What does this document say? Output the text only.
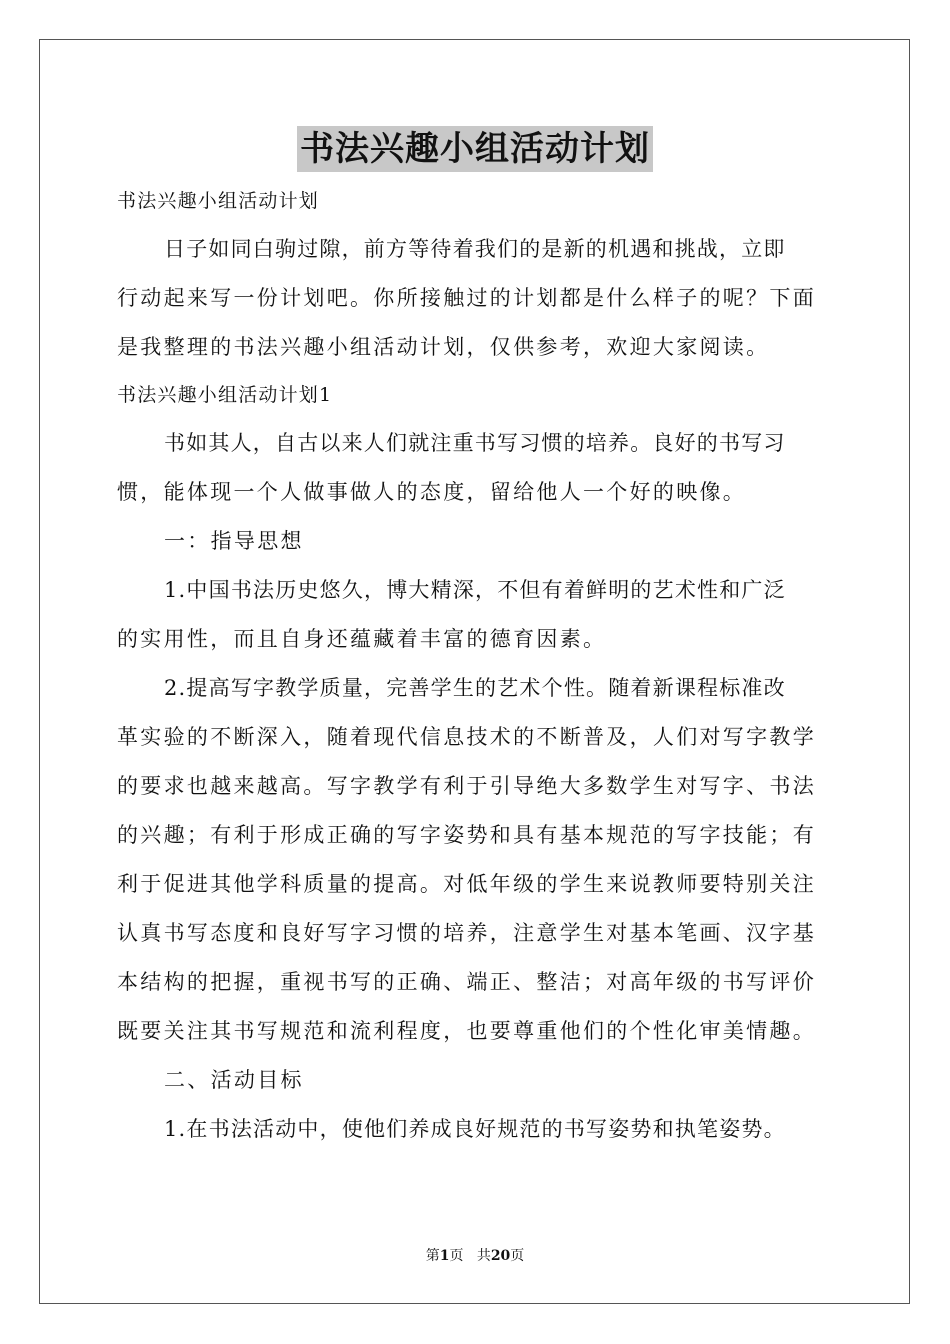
书法兴趣小组活动计划
书法兴趣小组活动计划
日子如同白驹过隙，前方等待着我们的是新的机遇和挑战，立即
行动起来写一份计划吧。你所接触过的计划都是什么样子的呢？下面
是我整理的书法兴趣小组活动计划，仅供参考，欢迎大家阅读。
书法兴趣小组活动计划1
书如其人，自古以来人们就注重书写习惯的培养。良好的书写习
惯，能体现一个人做事做人的态度，留给他人一个好的映像。
一：指导思想
1.中国书法历史悠久，博大精深，不但有着鲜明的艺术性和广泛
的实用性，而且自身还蕴藏着丰富的德育因素。
2.提高写字教学质量，完善学生的艺术个性。随着新课程标准改
革实验的不断深入，随着现代信息技术的不断普及，人们对写字教学
的要求也越来越高。写字教学有利于引导绝大多数学生对写字、书法
的兴趣；有利于形成正确的写字姿势和具有基本规范的写字技能；有
利于促进其他学科质量的提高。对低年级的学生来说教师要特别关注
认真书写态度和良好写字习惯的培养，注意学生对基本笔画、汉字基
本结构的把握，重视书写的正确、端正、整洁；对高年级的书写评价
既要关注其书写规范和流利程度，也要尊重他们的个性化审美情趣。
二、活动目标
1.在书法活动中，使他们养成良好规范的书写姿势和执笔姿势。
第1页 共20页
